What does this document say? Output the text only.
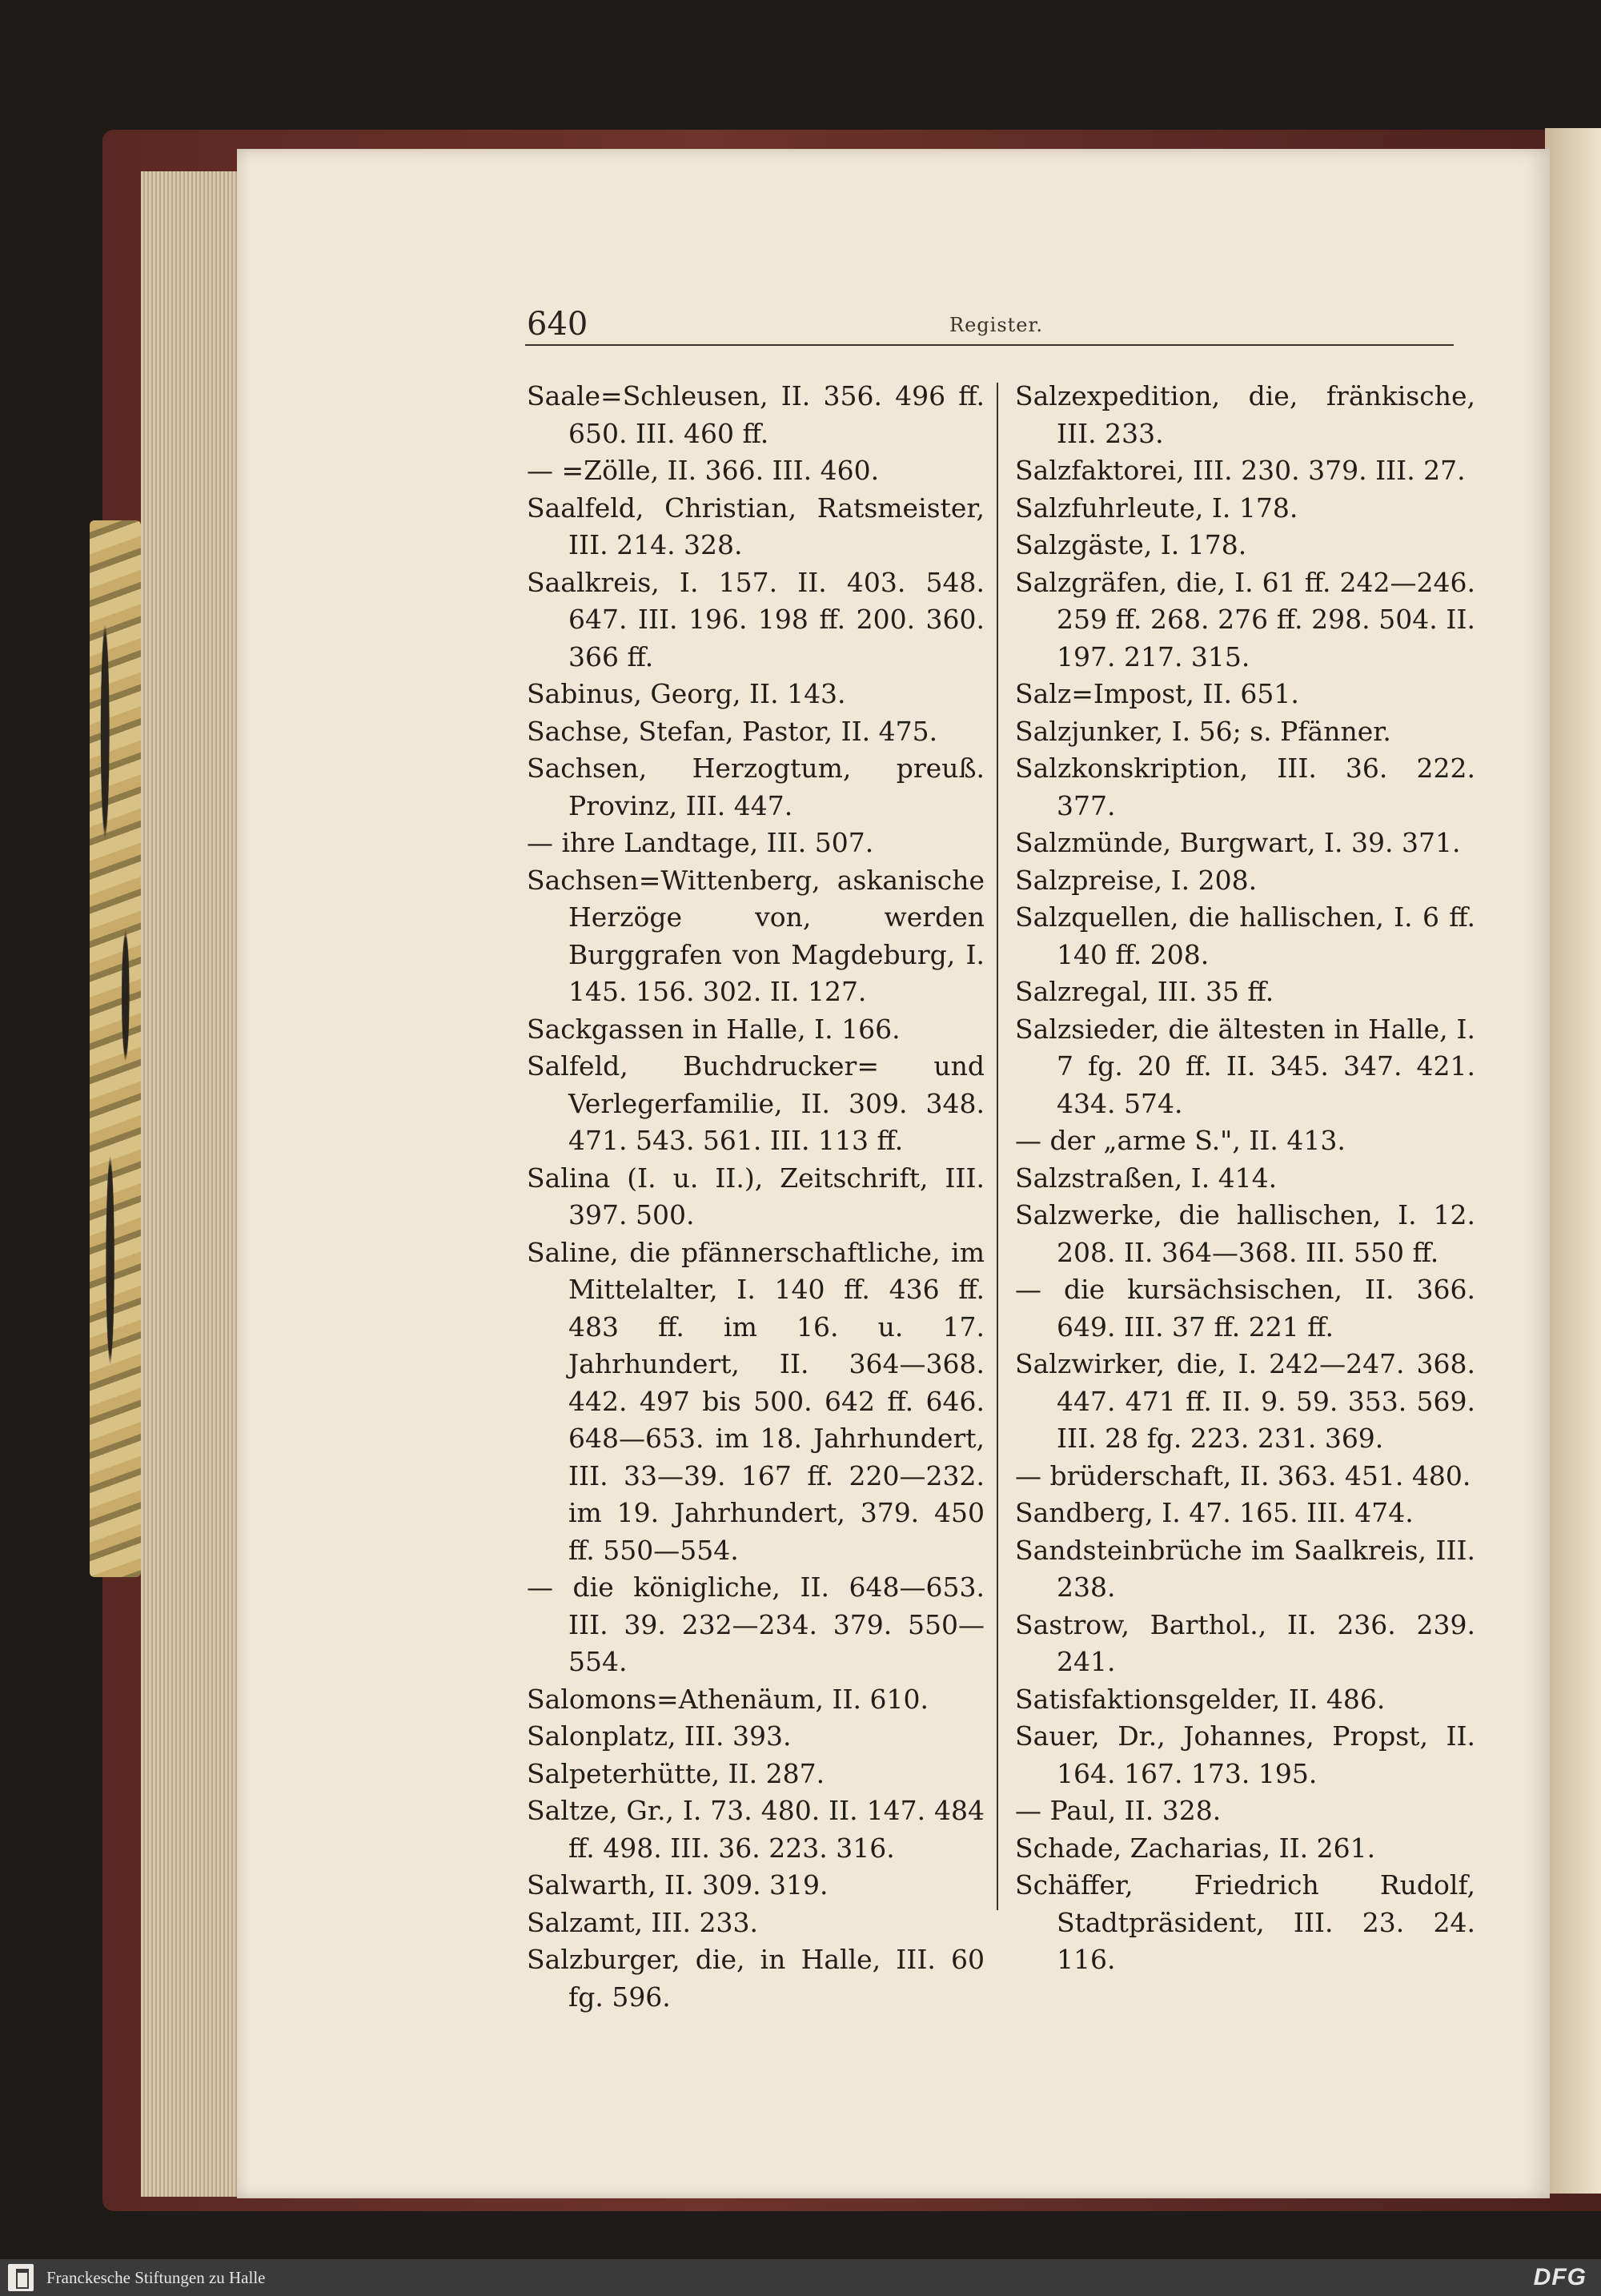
640	Register.

Saale=Schleusen, II. 356. 496 ff. 650. III. 460 ff.

— =Zölle, II. 366. III. 460.

Saalfeld, Christian, Ratsmeister, III. 214. 328.

Saalkreis, I. 157. II. 403. 548. 647. III. 196. 198 ff. 200. 360. 366 ff.

Sabinus, Georg, II. 143.

Sachse, Stefan, Pastor, II. 475.

Sachsen, Herzogtum, preuß. Provinz, III. 447.

— ihre Landtage, III. 507.

Sachsen=Wittenberg, askanische Herzöge von, werden Burggrafen von Magdeburg, I. 145. 156. 302. II. 127.

Sackgassen in Halle, I. 166.

Salfeld, Buchdrucker= und Verlegerfamilie, II. 309. 348. 471. 543. 561. III. 113 ff.

Salina (I. u. II.), Zeitschrift, III. 397. 500.

Saline, die pfännerschaftliche, im Mittelalter, I. 140 ff. 436 ff. 483 ff. im 16. u. 17. Jahrhundert, II. 364—368. 442. 497 bis 500. 642 ff. 646. 648—653. im 18. Jahrhundert, III. 33—39. 167 ff. 220—232. im 19. Jahrhundert, 379. 450 ff. 550—554.

— die königliche, II. 648—653. III. 39. 232—234. 379. 550—554.

Salomons=Athenäum, II. 610.

Salonplatz, III. 393.

Salpeterhütte, II. 287.

Saltze, Gr., I. 73. 480. II. 147. 484 ff. 498. III. 36. 223. 316.

Salwarth, II. 309. 319.

Salzamt, III. 233.

Salzburger, die, in Halle, III. 60 fg. 596.

Salzexpedition, die, fränkische, III. 233.

Salzfaktorei, III. 230. 379. III. 27.

Salzfuhrleute, I. 178.

Salzgäste, I. 178.

Salzgräfen, die, I. 61 ff. 242—246. 259 ff. 268. 276 ff. 298. 504. II. 197. 217. 315.

Salz=Impost, II. 651.

Salzjunker, I. 56; s. Pfänner.

Salzkonskription, III. 36. 222. 377.

Salzmünde, Burgwart, I. 39. 371.

Salzpreise, I. 208.

Salzquellen, die hallischen, I. 6 ff. 140 ff. 208.

Salzregal, III. 35 ff.

Salzsieder, die ältesten in Halle, I. 7 fg. 20 ff. II. 345. 347. 421. 434. 574.

— der „arme S.", II. 413.

Salzstraßen, I. 414.

Salzwerke, die hallischen, I. 12. 208. II. 364—368. III. 550 ff.

— die kursächsischen, II. 366. 649. III. 37 ff. 221 ff.

Salzwirker, die, I. 242—247. 368. 447. 471 ff. II. 9. 59. 353. 569. III. 28 fg. 223. 231. 369.

— brüderschaft, II. 363. 451. 480.

Sandberg, I. 47. 165. III. 474.

Sandsteinbrüche im Saalkreis, III. 238.

Sastrow, Barthol., II. 236. 239. 241.

Satisfaktionsgelder, II. 486.

Sauer, Dr., Johannes, Propst, II. 164. 167. 173. 195.

— Paul, II. 328.

Schade, Zacharias, II. 261.

Schäffer, Friedrich Rudolf, Stadtpräsident, III. 23. 24. 116.

Franckesche Stiftungen zu Halle	DFG
